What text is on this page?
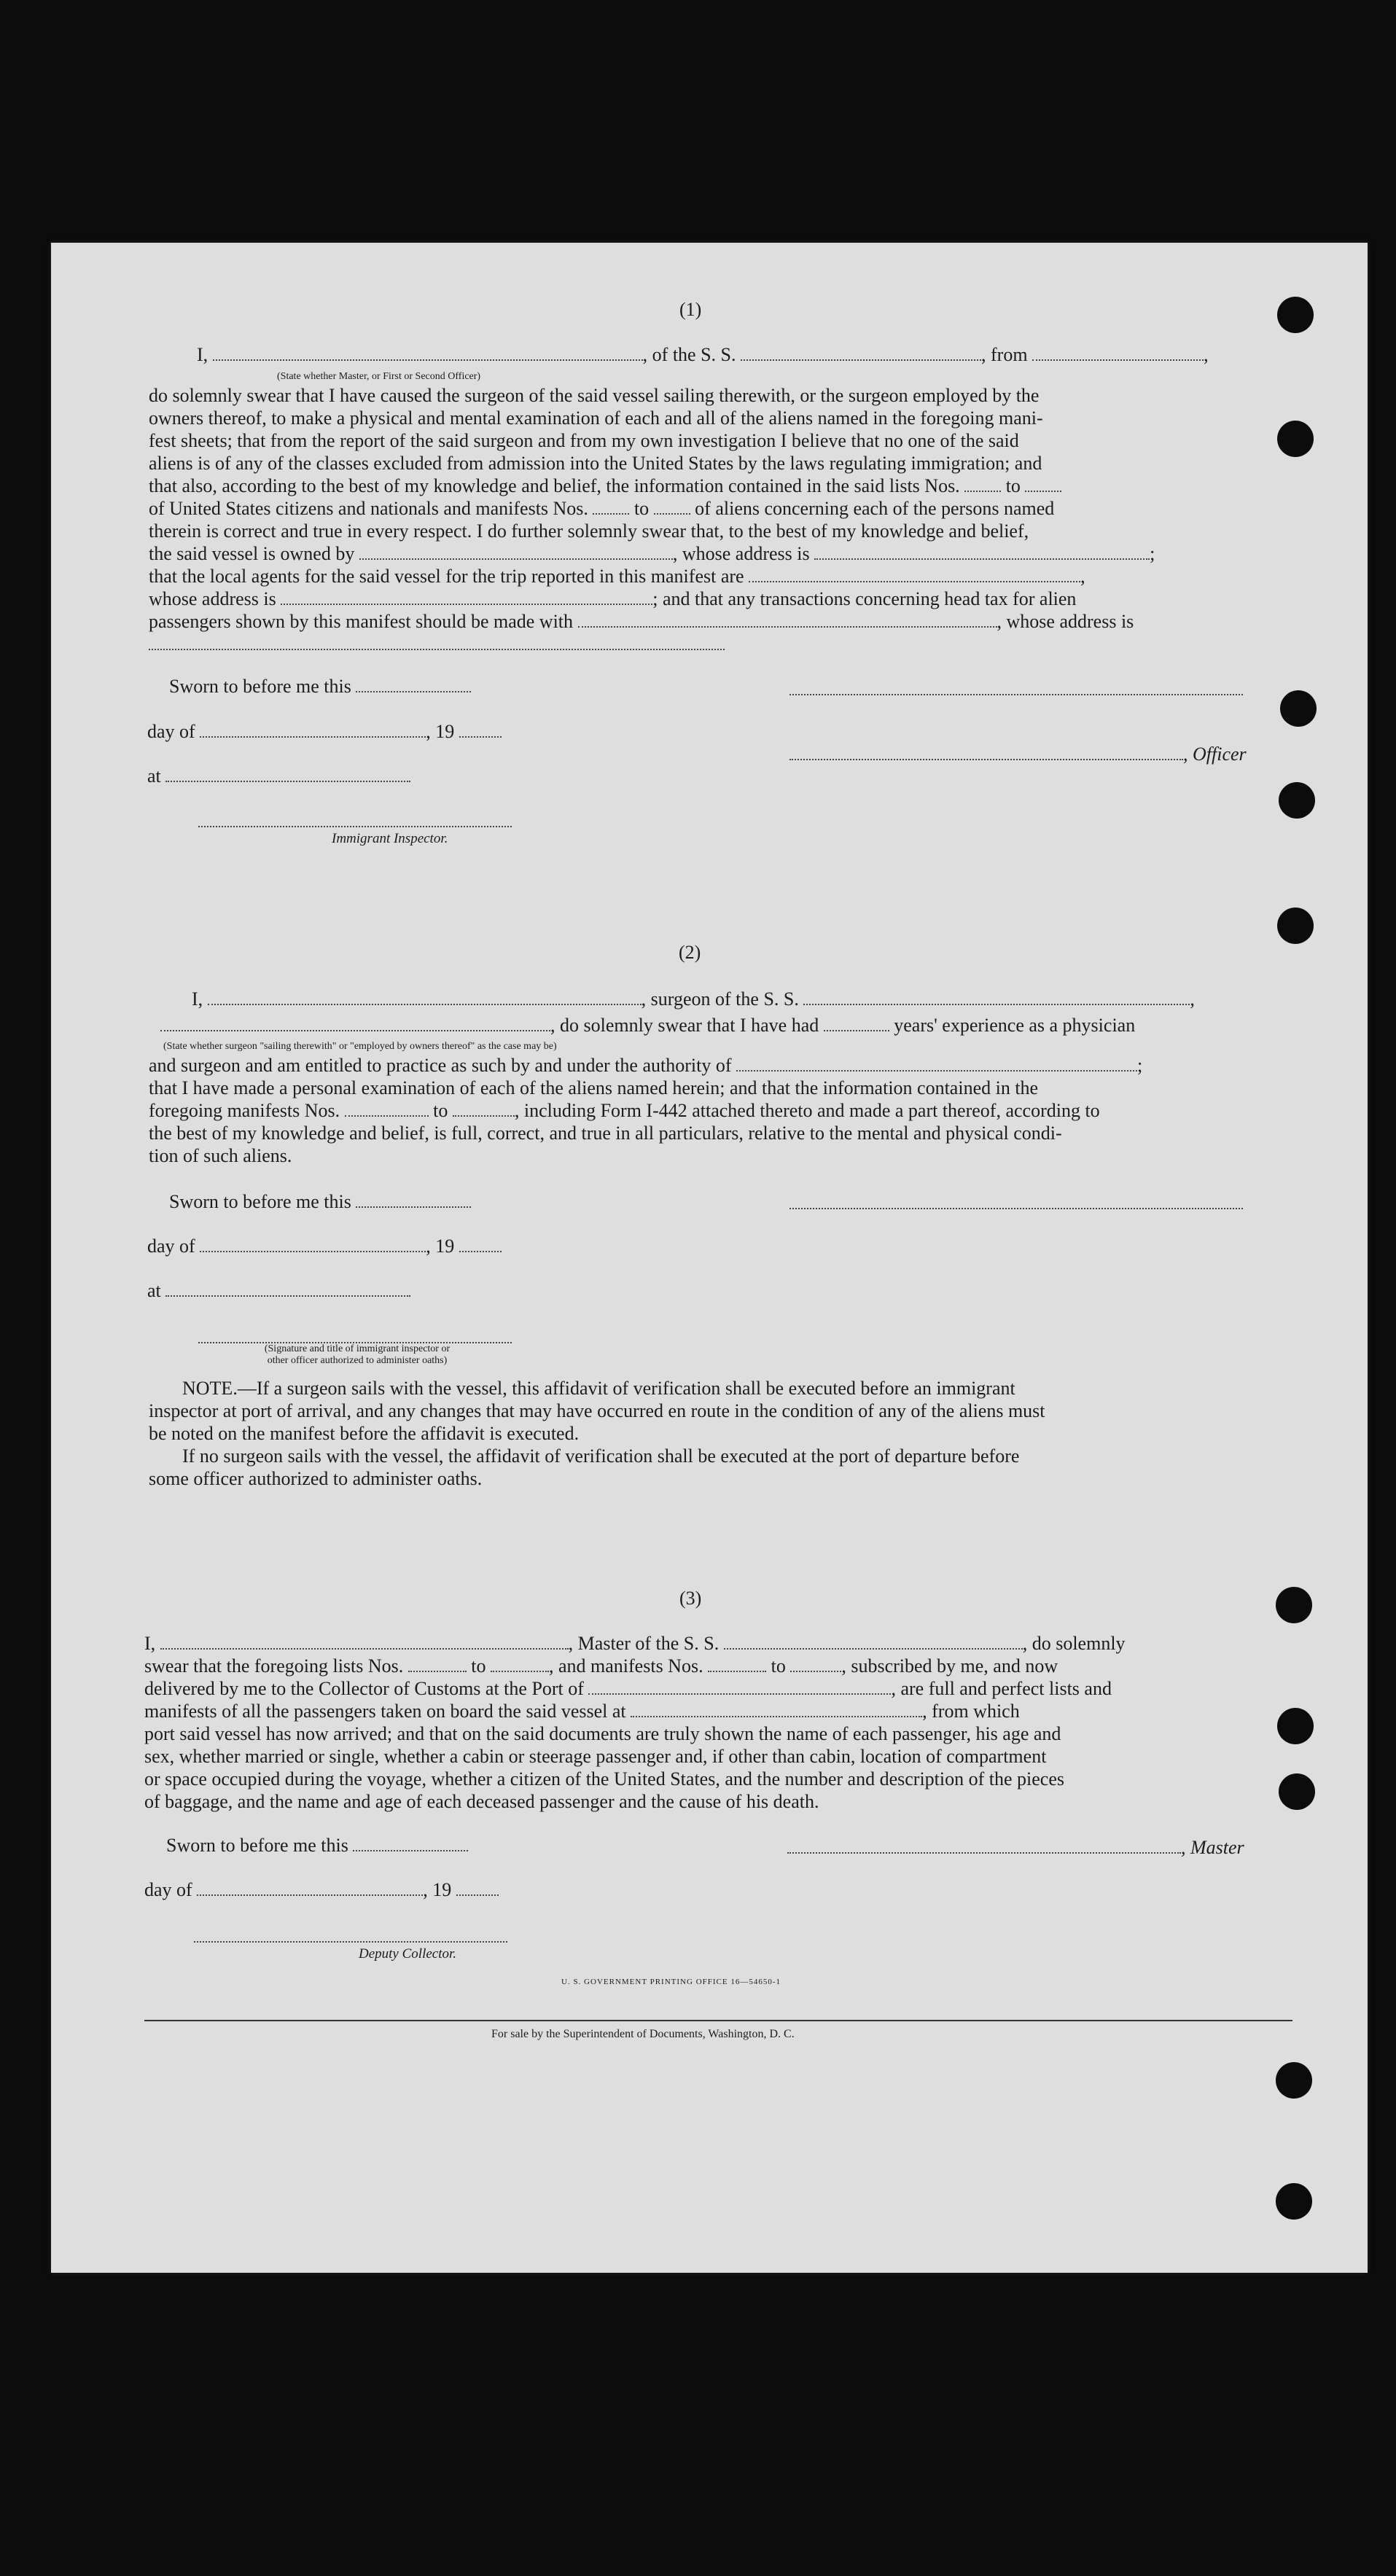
(1)
I,	, of the S. S.	, from	,
(State whether Master, or First or Second Officer)
do solemnly swear that I have caused the surgeon of the said vessel sailing therewith, or the surgeon employed by the
owners thereof, to make a physical and mental examination of each and all of the aliens named in the foregoing mani-
fest sheets; that from the report of the said surgeon and from my own investigation I believe that no one of the said
aliens is of any of the classes excluded from admission into the United States by the laws regulating immigration; and
that also, according to the best of my knowledge and belief, the information contained in the said lists Nos. to
of United States citizens and nationals and manifests Nos. to of aliens concerning each of the persons named
therein is correct and true in every respect. I do further solemnly swear that, to the best of my knowledge and belief,
the said vessel is owned by	, whose address is	;
that the local agents for the said vessel for the trip reported in this manifest are	,
whose address is	; and that any transactions concerning head tax for alien
passengers shown by this manifest should be made with	, whose address is
Sworn to before me this
day of	, 19
at
, Officer
Immigrant Inspector.
(2)
I,	, surgeon of the S. S.	,
, do solemnly swear that I have had	years' experience as a physician
(State whether surgeon "sailing therewith" or "employed by owners thereof" as the case may be)
and surgeon and am entitled to practice as such by and under the authority of	;
that I have made a personal examination of each of the aliens named herein; and that the information contained in the
foregoing manifests Nos.	to	, including Form I-442 attached thereto and made a part thereof, according to
the best of my knowledge and belief, is full, correct, and true in all particulars, relative to the mental and physical condi-
tion of such aliens.
Sworn to before me this
day of	, 19
at
(Signature and title of immigrant inspector or
other officer authorized to administer oaths)
NOTE.—If a surgeon sails with the vessel, this affidavit of verification shall be executed before an immigrant
inspector at port of arrival, and any changes that may have occurred en route in the condition of any of the aliens must
be noted on the manifest before the affidavit is executed.
If no surgeon sails with the vessel, the affidavit of verification shall be executed at the port of departure before
some officer authorized to administer oaths.
(3)
I,	, Master of the S. S.	, do solemnly
swear that the foregoing lists Nos.	to	, and manifests Nos.	to	, subscribed by me, and now
delivered by me to the Collector of Customs at the Port of	, are full and perfect lists and
manifests of all the passengers taken on board the said vessel at	, from which
port said vessel has now arrived; and that on the said documents are truly shown the name of each passenger, his age and
sex, whether married or single, whether a cabin or steerage passenger and, if other than cabin, location of compartment
or space occupied during the voyage, whether a citizen of the United States, and the number and description of the pieces
of baggage, and the name and age of each deceased passenger and the cause of his death.
Sworn to before me this	, Master
day of	, 19
Deputy Collector.
U. S. GOVERNMENT PRINTING OFFICE 16—54650-1
For sale by the Superintendent of Documents, Washington, D. C.
